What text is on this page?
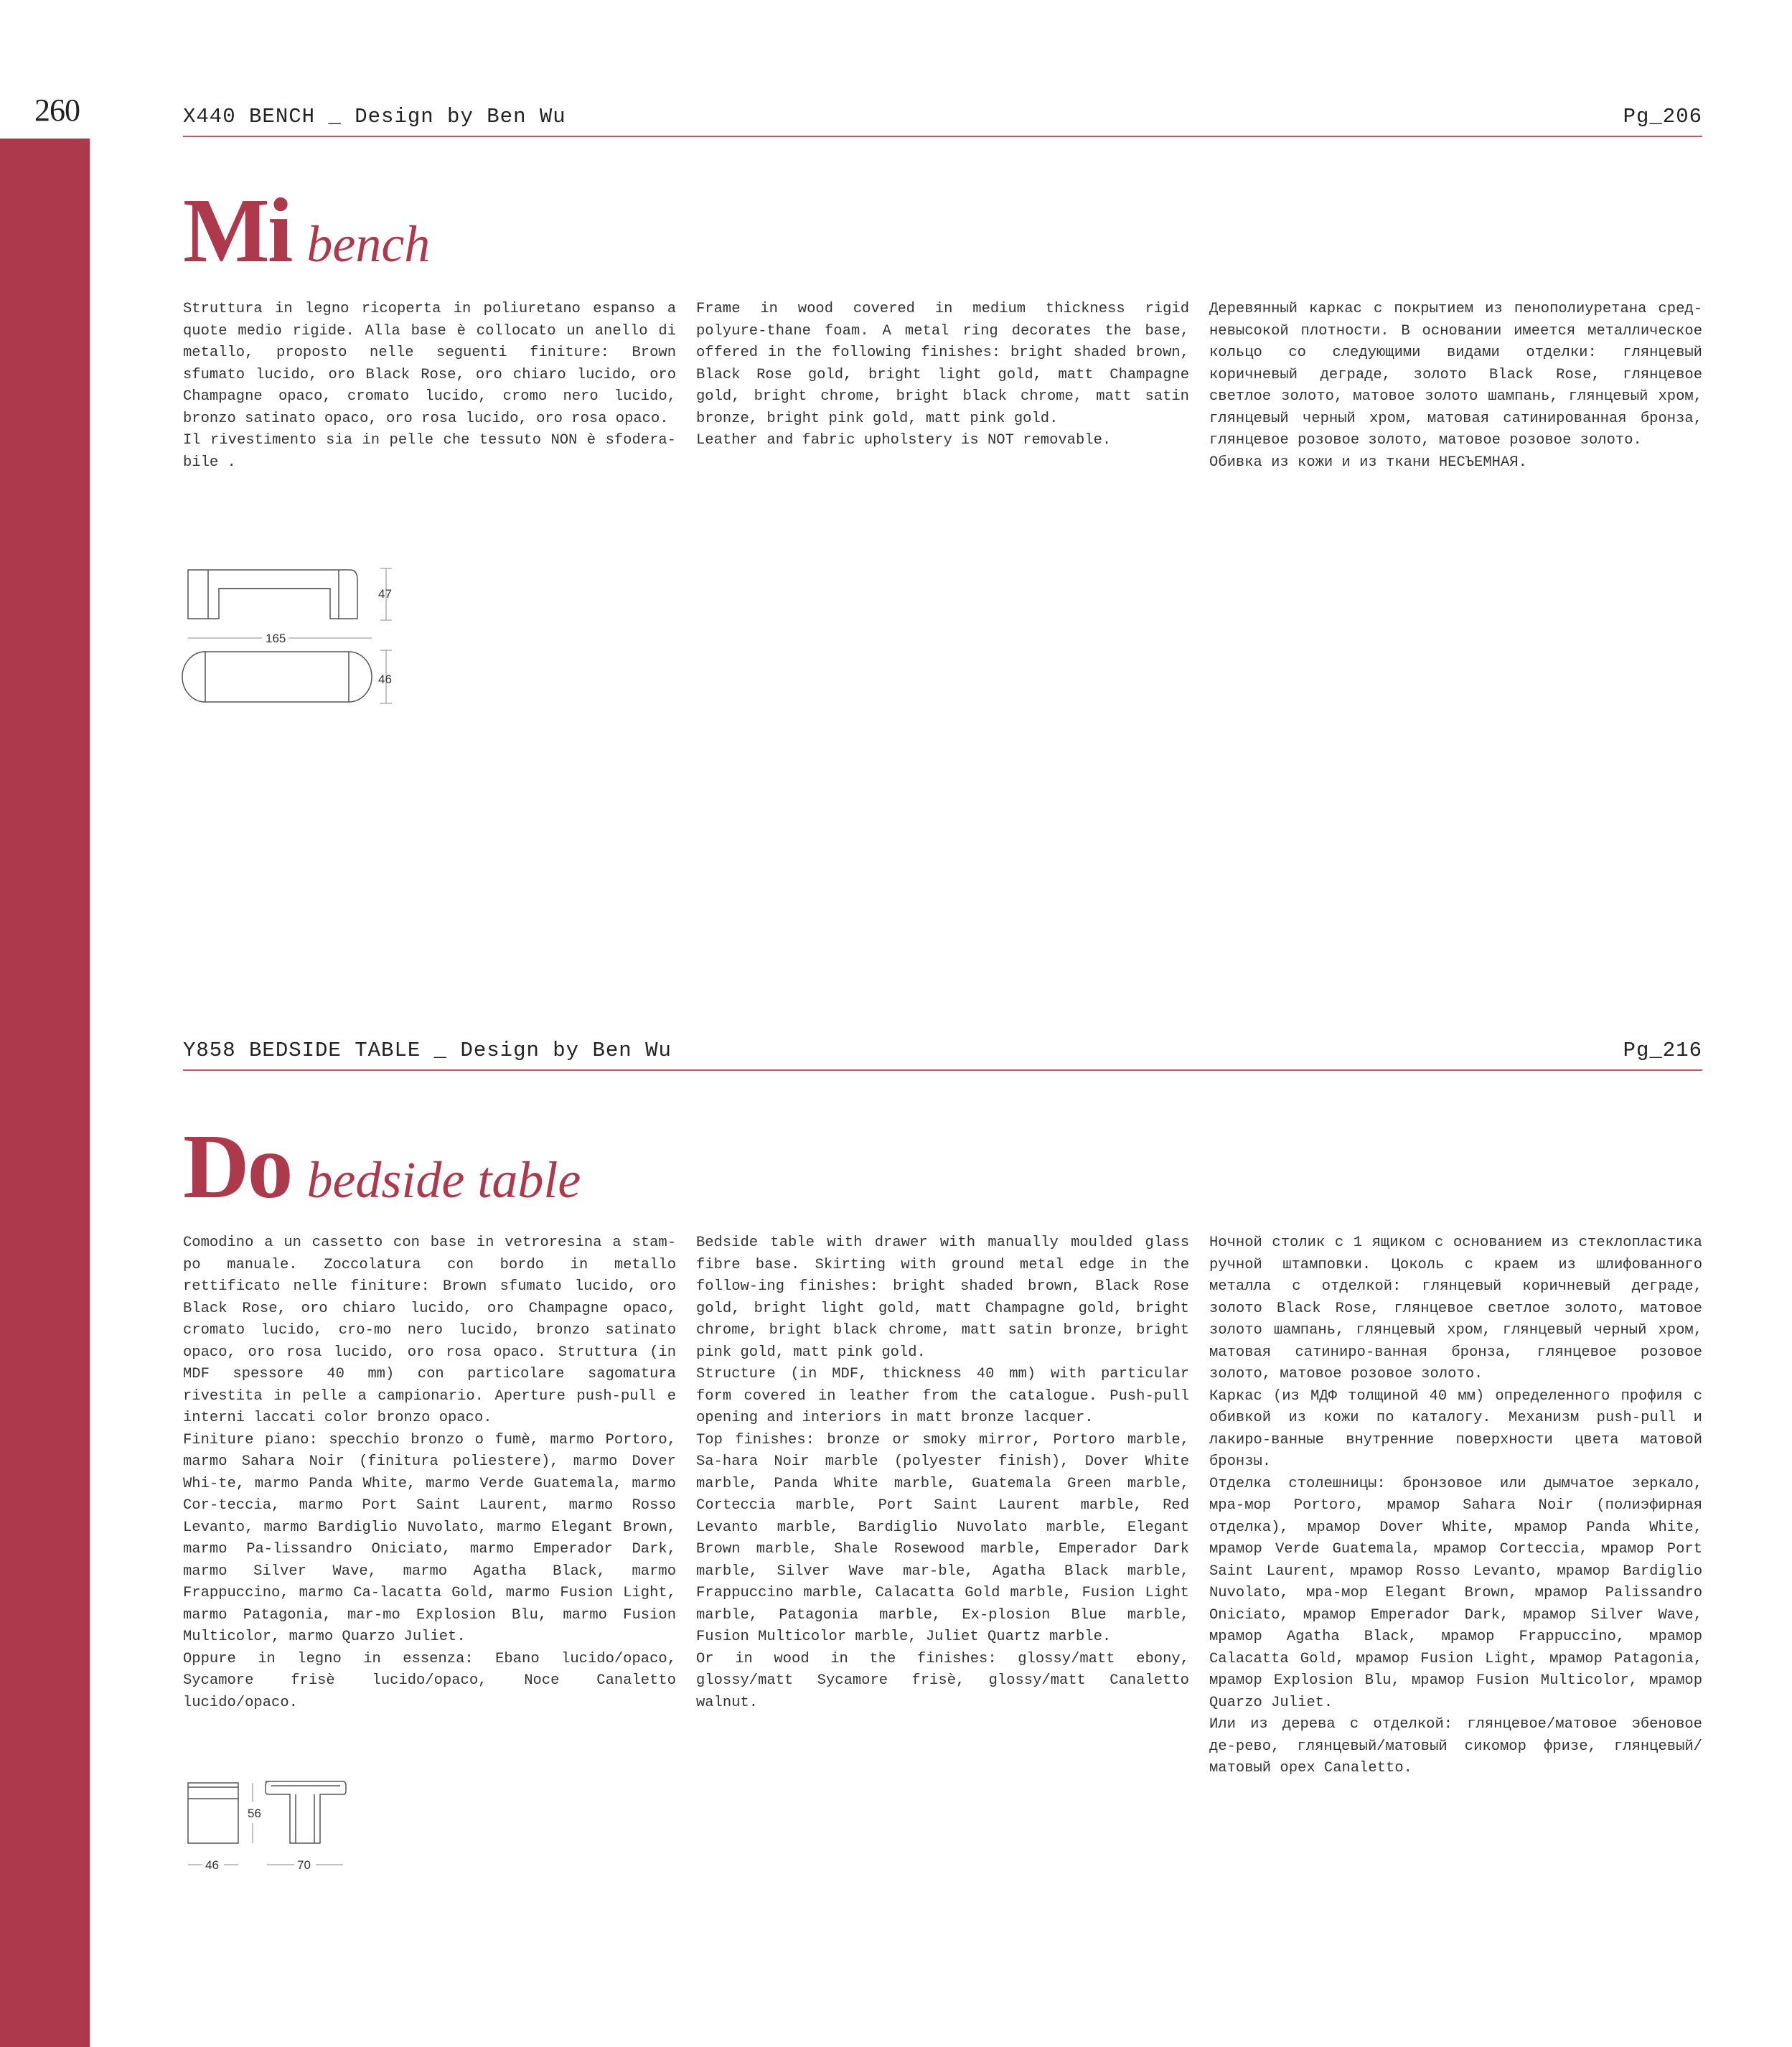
260	X440 BENCH _ Design by Ben Wu	Pg_206
Mi bench

Struttura in legno ricoperta in poliuretano espanso a quote medio rigide. Alla base è collocato un anello di metallo, proposto nelle seguenti finiture: Brown sfumato lucido, oro Black Rose, oro chiaro lucido, oro Champagne opaco, cromato lucido, cromo nero lucido, bronzo satinato opaco, oro rosa lucido, oro rosa opaco.

Il rivestimento sia in pelle che tessuto NON è sfodera-bile .

Frame in wood covered in medium thickness rigid polyure-thane foam. A metal ring decorates the base, offered in the following finishes: bright shaded brown, Black Rose gold, bright light gold, matt Champagne gold, bright chrome, bright black chrome, matt satin bronze, bright pink gold, matt pink gold.

Leather and fabric upholstery is NOT removable.

Деревянный каркас с покрытием из пенополиуретана сред-невысокой плотности. В основании имеется металлическое кольцо со следующими видами отделки: глянцевый коричневый деграде, золото Black Rose, глянцевое светлое золото, матовое золото шампань, глянцевый хром, глянцевый черный хром, матовая сатинированная бронза, глянцевое розовое золото, матовое розовое золото.

Обивка из кожи и из ткани НЕСЪЕМНАЯ.

47
165
46
Y858 BEDSIDE TABLE _ Design by Ben Wu	Pg_216
Do bedside table

Comodino a un cassetto con base in vetroresina a stam-po manuale. Zoccolatura con bordo in metallo rettificato nelle finiture: Brown sfumato lucido, oro Black Rose, oro chiaro lucido, oro Champagne opaco, cromato lucido, cro-mo nero lucido, bronzo satinato opaco, oro rosa lucido, oro rosa opaco. Struttura (in MDF spessore 40 mm) con particolare sagomatura rivestita in pelle a campionario. Aperture push-pull e interni laccati color bronzo opaco.

Finiture piano: specchio bronzo o fumè, marmo Portoro, marmo Sahara Noir (finitura poliestere), marmo Dover Whi-te, marmo Panda White, marmo Verde Guatemala, marmo Cor-teccia, marmo Port Saint Laurent, marmo Rosso Levanto, marmo Bardiglio Nuvolato, marmo Elegant Brown, marmo Pa-lissandro Oniciato, marmo Emperador Dark, marmo Silver Wave, marmo Agatha Black, marmo Frappuccino, marmo Ca-lacatta Gold, marmo Fusion Light, marmo Patagonia, mar-mo Explosion Blu, marmo Fusion Multicolor, marmo Quarzo Juliet.

Oppure in legno in essenza: Ebano lucido/opaco, Sycamore frisè lucido/opaco, Noce Canaletto lucido/opaco.

Bedside table with drawer with manually moulded glass fibre base. Skirting with ground metal edge in the follow-ing finishes: bright shaded brown, Black Rose gold, bright light gold, matt Champagne gold, bright chrome, bright black chrome, matt satin bronze, bright pink gold, matt pink gold.

Structure (in MDF, thickness 40 mm) with particular form covered in leather from the catalogue. Push-pull opening and interiors in matt bronze lacquer.

Top finishes: bronze or smoky mirror, Portoro marble, Sa-hara Noir marble (polyester finish), Dover White marble, Panda White marble, Guatemala Green marble, Corteccia marble, Port Saint Laurent marble, Red Levanto marble, Bardiglio Nuvolato marble, Elegant Brown marble, Shale Rosewood marble, Emperador Dark marble, Silver Wave mar-ble, Agatha Black marble, Frappuccino marble, Calacatta Gold marble, Fusion Light marble, Patagonia marble, Ex-plosion Blue marble, Fusion Multicolor marble, Juliet Quartz marble.

Or in wood in the finishes: glossy/matt ebony, glossy/matt Sycamore frisè, glossy/matt Canaletto walnut.

Ночной столик с 1 ящиком с основанием из стеклопластика ручной штамповки. Цоколь с краем из шлифованного металла с отделкой: глянцевый коричневый деграде, золото Black Rose, глянцевое светлое золото, матовое золото шампань, глянцевый хром, глянцевый черный хром, матовая сатиниро-ванная бронза, глянцевое розовое золото, матовое розовое золото.

Каркас (из МДФ толщиной 40 мм) определенного профиля с обивкой из кожи по каталогу. Механизм push-pull и лакиро-ванные внутренние поверхности цвета матовой бронзы.

Отделка столешницы: бронзовое или дымчатое зеркало, мра-мор Portoro, мрамор Sahara Noir (полиэфирная отделка), мрамор Dover White, мрамор Panda White, мрамор Verde Guatemala, мрамор Corteccia, мрамор Port Saint Laurent, мрамор Rosso Levanto, мрамор Bardiglio Nuvolato, мра-мор Elegant Brown, мрамор Palissandro Oniciato, мрамор Emperador Dark, мрамор Silver Wave, мрамор Agatha Black, мрамор Frappuccino, мрамор Calacatta Gold, мрамор Fusion Light, мрамор Patagonia, мрамор Explosion Blu, мрамор Fusion Multicolor, мрамор Quarzo Juliet.

Или из дерева с отделкой: глянцевое/матовое эбеновое де-рево, глянцевый/матовый сикомор фризе, глянцевый/матовый орех Canaletto.

56
46	70
